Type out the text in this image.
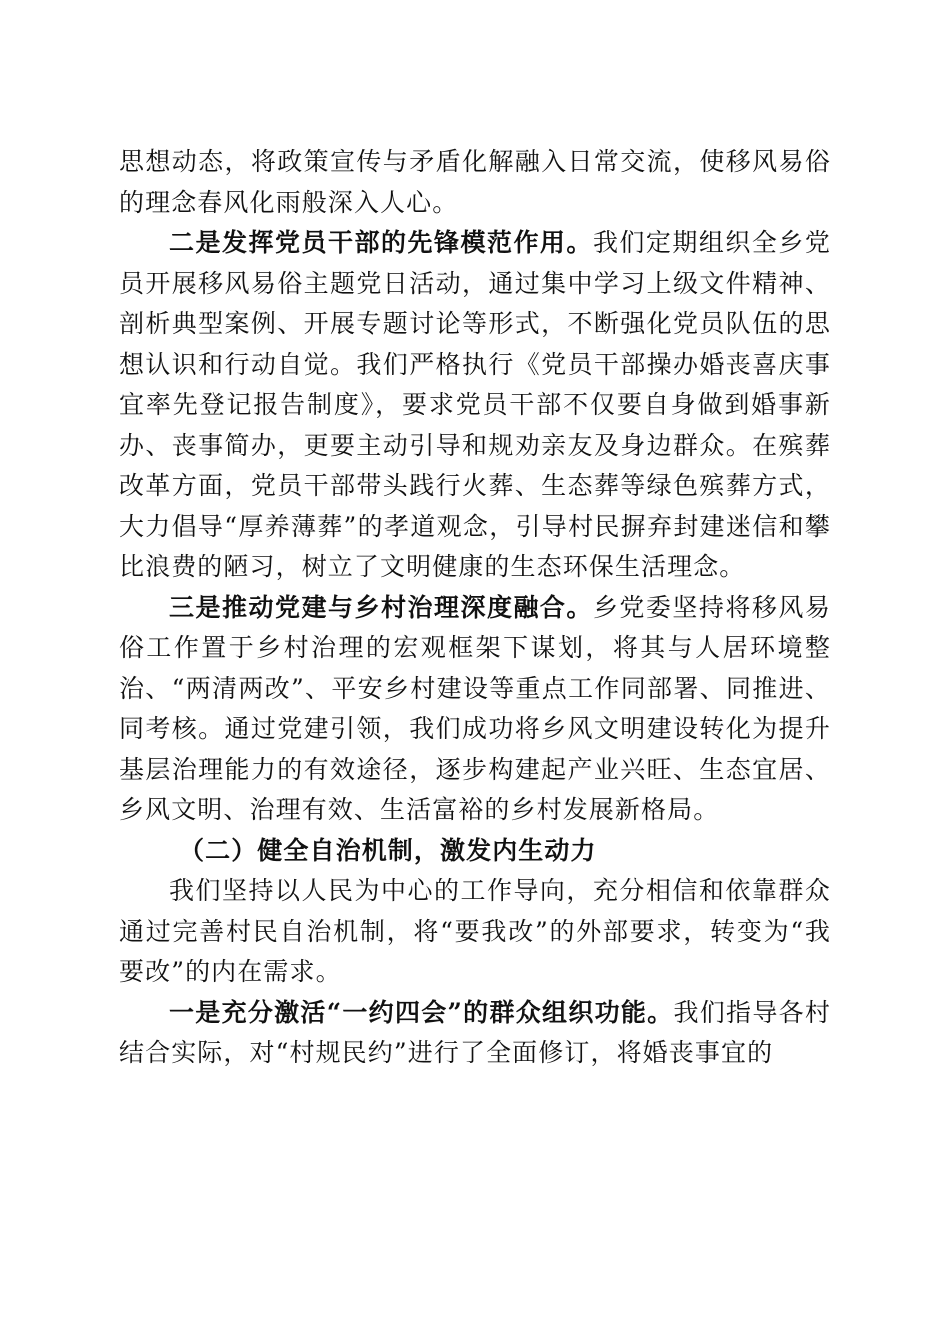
思想动态，将政策宣传与矛盾化解融入日常交流，使移风易俗的理念春风化雨般深入人心。

二是发挥党员干部的先锋模范作用。我们定期组织全乡党员开展移风易俗主题党日活动，通过集中学习上级文件精神、剖析典型案例、开展专题讨论等形式，不断强化党员队伍的思想认识和行动自觉。我们严格执行《党员干部操办婚丧喜庆事宜率先登记报告制度》，要求党员干部不仅要自身做到婚事新办、丧事简办，更要主动引导和规劝亲友及身边群众。在殡葬改革方面，党员干部带头践行火葬、生态葬等绿色殡葬方式，大力倡导“厚养薄葬”的孝道观念，引导村民摒弃封建迷信和攀比浪费的陋习，树立了文明健康的生态环保生活理念。

三是推动党建与乡村治理深度融合。乡党委坚持将移风易俗工作置于乡村治理的宏观框架下谋划，将其与人居环境整治、“两清两改”、平安乡村建设等重点工作同部署、同推进、同考核。通过党建引领，我们成功将乡风文明建设转化为提升基层治理能力的有效途径，逐步构建起产业兴旺、生态宜居、乡风文明、治理有效、生活富裕的乡村发展新格局。

（二）健全自治机制，激发内生动力

我们坚持以人民为中心的工作导向，充分相信和依靠群众通过完善村民自治机制，将“要我改”的外部要求，转变为“我要改”的内在需求。

一是充分激活“一约四会”的群众组织功能。我们指导各村结合实际，对“村规民约”进行了全面修订，将婚丧事宜的
